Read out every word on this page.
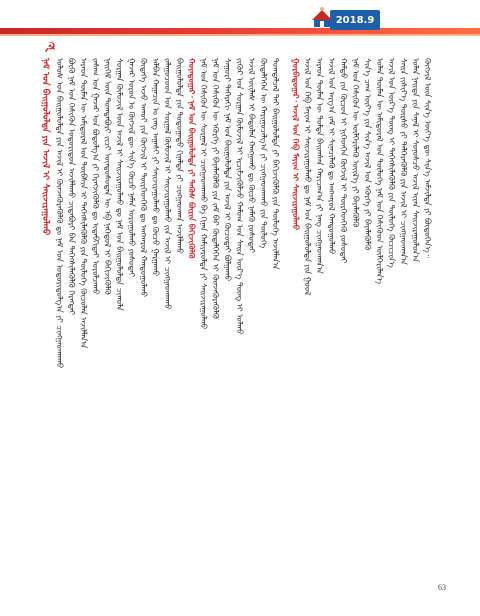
2018.9
☭
ᠨᠠᠮ ᠤᠨ ᠪᠠᠢᠭᠤᠯᠤᠯᠲᠠ ᠶᠢᠨ ᠠᠵᠢᠯ ᠢ ᠰᠠᠢᠵᠢᠷᠠᠭᠤᠯᠬᠤ ᠤᠯᠤᠰ ᠤᠨ ᠪᠠᠢᠭᠤᠯᠤᠯᠲᠠ ᠶᠢᠨ ᠠᠵᠢᠯ ᠢ ᠭᠦᠨᠵᠡᠭᠦᠷᠡᠭᠦᠯᠬᠦ ᠳᠤ ᠨᠠᠮ ᠤᠨ ᠤᠳᠤᠷᠢᠳᠤᠯᠭ᠎ᠠ ᠶᠢ ᠴᠢᠩᠭᠠᠳᠬᠠᠬᠤ ᠪᠦᠬᠦ ᠨᠠᠮ ᠤᠨ ᠭᠡᠰᠢᠭᠦᠨ ᠤᠳᠤᠷᠢᠳᠤᠨ ᠠᠵᠢᠯᠯᠠᠬᠤ ᠴᠢᠳᠠᠪᠤᠷᠢ ᠪᠡᠨ ᠳᠡᠭᠡᠭᠰᠢᠯᠡᠭᠦᠯᠬᠦ ᠬᠡᠷᠡᠭᠲᠡᠢ ᠠᠷᠠᠳ ᠲᠦᠮᠡᠨ ᠦ ᠠᠮᠢᠳᠤᠷᠠᠯ ᠤᠨ ᠲᠦᠪᠰᠢᠨ ᠢ ᠳᠡᠭᠡᠭᠰᠢᠯᠡᠭᠦᠯᠬᠦ ᠶᠢᠨ ᠲᠥᠯᠦᠭᠡ ᠬᠦᠴᠦᠯᠡᠨ ᠠᠵᠢᠯᠯᠠᠨ᠎ᠠ ᠵᠠᠰᠠᠭ ᠤᠨ ᠭᠠᠵᠠᠷ ᠤᠨ ᠪᠣᠳᠤᠯᠭ᠎ᠠ ᠶᠢ ᠬᠡᠷᠡᠭᠵᠢᠭᠦᠯᠬᠦ ᠳᠤ ᠢᠳᠡᠪᠬᠢᠲᠡᠢ ᠣᠷᠤᠯᠴᠠᠬᠤ ᠨᠡᠢᠭᠡᠮ ᠦᠨ ᠲᠣᠭᠲᠠᠪᠤᠷᠢ ᠵᠢᠴᠢ ᠦᠨᠳᠦᠰᠦᠲᠡᠨ ᠦ ᠡᠪ ᠨᠡᠭᠡᠳᠦᠯ ᠢ ᠪᠡᠬᠢᠵᠢᠭᠦᠯᠬᠦ ᠰᠤᠷᠭᠠᠨ ᠬᠦᠮᠦᠵᠢᠯ ᠦᠨ ᠠᠵᠢᠯ ᠢ ᠰᠠᠢᠵᠢᠷᠠᠭᠤᠯᠬᠤ ᠳᠤ ᠨᠠᠮ ᠤᠨ ᠪᠠᠢᠭᠤᠯᠤᠯᠲᠠ ᠴᠢᠬᠤᠯᠠ ᠭᠠᠵᠠᠷ ᠣᠷᠣᠨ ᠤ ᠬᠥᠭᠵᠢᠯ ᠳᠦ ᠰᠢᠨ᠎ᠡ ᠬᠦᠴᠦ ᠨᠡᠮᠡᠨ ᠣᠷᠣᠭᠤᠯᠬᠤ ᠶᠤᠰᠤᠲᠠᠢ ᠬᠥᠳᠡᠭᠡ ᠠᠵᠤ ᠠᠬᠤᠢ ᠶᠢᠨ ᠬᠥᠭᠵᠢᠯ ᠢ ᠲᠦᠷᠭᠡᠳᠬᠡᠬᠦ ᠳᠤ ᠠᠩᠬᠠᠷᠤᠯ ᠬᠠᠨᠳᠤᠭᠤᠯᠬᠤ ᠠᠯᠪᠠᠨ ᠬᠠᠭᠠᠴᠢᠨ ᠤ ᠵᠠᠩ ᠠᠭᠠᠰᠢ ᠶᠢ ᠰᠠᠢᠵᠢᠷᠠᠭᠤᠯᠬᠤ ᠳᠤ ᠬᠦᠴᠦ ᠭᠠᠷᠭᠠᠬᠤ ᠵᠠᠯᠠᠭᠤᠴᠤᠳ ᠤᠨ ᠰᠤᠷᠭᠠᠯ ᠬᠥᠮᠦᠵᠢᠯ ᠢ ᠰᠠᠢᠵᠢᠷᠠᠭᠤᠯᠬᠤ ᠶᠢᠨ ᠠᠵᠢᠯ ᠢ ᠴᠢᠩᠭᠠᠳᠬᠠᠬᠤ ᠪᠠᠢᠭᠤᠯᠤᠯᠲᠠ ᠶᠢᠨ ᠳᠣᠲᠣᠭᠠᠳᠤ ᠬᠢᠨᠠᠯᠲᠠ ᠶᠢ ᠴᠢᠩᠭᠠᠳᠬᠠᠨ ᠠᠵᠢᠯᠯᠠᠬᠤ ᠬᠤᠶᠠᠳᠤᠭᠠᠷ᠂ ᠨᠠᠮ ᠤᠨ ᠪᠠᠢᠭᠤᠯᠤᠯᠲᠠ ᠶᠢ ᠲᠡᠭᠦᠰ ᠪᠦᠷᠢᠨ ᠪᠡᠬᠢᠵᠢᠭᠦᠯᠬᠦ ᠨᠠᠮ ᠤᠨ ᠭᠡᠰᠢᠭᠦᠨ ᠦ ᠰᠤᠷᠭᠠᠯ ᠢ ᠴᠢᠩᠭᠠᠳᠬᠠᠬᠤ ᠪᠠ ᠬᠢᠨᠠᠨ ᠬᠠᠮᠢᠶᠠᠷᠤᠯᠲᠠ ᠶᠢ ᠰᠠᠢᠵᠢᠷᠠᠭᠤᠯᠬᠤ ᠨᠠᠮ ᠤᠨ ᠭᠡᠰᠢᠭᠦᠨ ᠦ ᠡᠭᠦᠷᠭᠡ ᠶᠢ ᠪᠡᠶᠡᠯᠡᠭᠦᠯᠬᠦ ᠶᠢᠨ ᠵᠠᠮ ᠪᠠᠷ ᠬᠥᠳᠡᠯᠭᠡᠭᠡᠨ ᠢ ᠭᠦᠨᠵᠡᠭᠦᠷᠡᠭᠦᠯᠬᠦ ᠰᠠᠭᠤᠷᠢ ᠳᠡᠭᠡᠷᠡᠬᠢ ᠨᠠᠮ ᠤᠨ ᠪᠠᠢᠭᠤᠯᠤᠯᠲᠠ ᠶᠢᠨ ᠠᠵᠢᠯ ᠢ ᠬᠦᠴᠦᠲᠡᠢ ᠪᠣᠯᠭᠠᠬᠤ ᠵᠢᠭᠦᠷ ᠤᠨ ᠰᠤᠷᠭᠠᠨ ᠬᠦᠮᠦᠵᠢᠯ ᠢ ᠡᠷᠴᠢᠮᠵᠢᠭᠦᠯᠵᠦ ᠬᠠᠮᠤᠭ ᠤᠨ ᠰᠠᠢᠨ ᠦᠷ᠎ᠡ ᠳᠦᠩ ᠢ ᠣᠯᠬᠤ ᠠᠵᠢᠯ ᠦᠢᠯᠡᠰ ᠢ ᠪᠠᠲᠤᠯᠠᠨ ᠬᠠᠩᠭᠠᠬᠤ ᠳᠤ ᠬᠦᠴᠦ ᠨᠡᠮᠡᠬᠦ ᠶᠤᠰᠤᠲᠠᠢ ᠬᠥᠳᠡᠯᠭᠡᠭᠡᠨ ᠦ ᠬᠠᠷᠢᠭᠤᠴᠠᠯᠭ᠎ᠠ ᠶᠢ ᠴᠢᠩᠭᠠᠳᠬᠠᠬᠤ ᠶᠢᠨ ᠲᠥᠯᠦᠭᠡ ᠲᠣᠭᠲᠠᠯᠴᠠᠯ ᠲᠠᠢ ᠪᠠᠢᠭᠤᠯᠤᠯᠲᠠ ᠶᠢ ᠪᠡᠬᠢᠵᠢᠭᠦᠯᠬᠦ ᠶᠢᠨ ᠲᠥᠯᠦᠭᠡ ᠠᠵᠢᠯᠯᠠᠨ᠎ᠠ ᠭᠤᠷᠪᠠᠳᠤᠭᠠᠷ᠂ ᠠᠵᠢᠯ ᠤᠨ ᠬᠡᠪ ᠮᠠᠶᠢᠭ ᠢ ᠰᠠᠢᠵᠢᠷᠠᠭᠤᠯᠬᠤ ᠠᠵᠢᠯ ᠤᠨ ᠬᠡᠪ ᠮᠠᠶᠢᠭ ᠢ ᠰᠠᠢᠵᠢᠷᠠᠭᠤᠯᠬᠤ ᠳᠤ ᠨᠠᠮ ᠤᠨ ᠪᠠᠢᠭᠤᠯᠤᠯᠲᠠ ᠶᠢᠨ ᠭᠣᠣᠯ ᠠᠷᠠᠳ ᠲᠦᠮᠡᠨ ᠦ ᠳᠤᠮᠳᠠ ᠪᠠᠢᠭᠰᠠᠨ ᠬᠠᠷᠢᠴᠠᠭ᠎ᠠ ᠶᠢ ᠨᠡᠩ ᠴᠢᠩᠭᠠᠳᠬᠠᠨ᠎ᠠ ᠠᠵᠢᠯ ᠤᠨ ᠠᠷᠭ᠎ᠠ ᠵᠠᠮ ᠢ ᠰᠢᠨᠡᠴᠢᠯᠡᠬᠦ ᠳᠤ ᠠᠩᠬᠠᠷᠤᠯ ᠬᠠᠨᠳᠤᠭᠤᠯᠬᠤ ᠬᠠᠮᠲᠤ ᠶᠢᠨ ᠬᠦᠴᠦᠨ ᠢ ᠨᠢᠭᠡᠳᠭᠡᠨ ᠬᠥᠭᠵᠢᠯ ᠢ ᠲᠦᠷᠭᠡᠳᠬᠡᠬᠦ ᠶᠤᠰᠤᠲᠠᠢ ᠨᠠᠮ ᠤᠨ ᠭᠡᠰᠢᠭᠦᠨ ᠦ ᠦᠯᠭᠡᠷᠢᠯᠡᠬᠦ ᠦᠢᠯ᠎ᠡ ᠶᠢ ᠪᠡᠶᠡᠯᠡᠭᠦᠯᠬᠦ ᠰᠢᠨ᠎ᠡ ᠴᠠᠭ ᠦᠶ᠎ᠡ ᠶᠢᠨ ᠰᠢᠨ᠎ᠡ ᠠᠵᠢᠯ ᠤᠨ ᠡᠭᠦᠷᠭᠡ ᠶᠢ ᠪᠡᠶᠡᠯᠡᠭᠦᠯᠬᠦ ᠣᠯᠠᠨ ᠲᠦᠮᠡᠨ ᠦ ᠠᠮᠢᠳᠤᠷᠠᠯ ᠤᠨ ᠲᠥᠯᠦᠭᠡ ᠨᠠᠮ ᠤᠨ ᠭᠡᠰᠢᠭᠦᠳ ᠦᠯᠭᠡᠷᠢᠯᠡᠨ᠎ᠡ ᠠᠵᠢᠯ ᠤᠨ ᠦᠷ᠎ᠡ ᠳᠦᠩ ᠢ ᠳᠡᠭᠡᠭᠰᠢᠯᠡᠭᠦᠯᠬᠦ ᠶᠢᠨ ᠲᠥᠯᠦᠭᠡ ᠬᠦᠴᠢᠴᠢᠨ᠎ᠡ ᠰᠠᠢᠨ ᠵᠢᠱᠢᠶ᠎ᠡ ᠳᠦᠷᠰᠦ ᠶᠢ ᠳᠡᠯᠭᠡᠷᠡᠭᠦᠯᠬᠦ ᠶᠢᠨ ᠠᠵᠢᠯ ᠢ ᠴᠢᠩᠭᠠᠳᠬᠠᠨ᠎ᠠ ᠣᠯᠠᠨ ᠨᠡᠢᠲᠡ ᠶᠢᠨ ᠰᠠᠨᠠᠯ ᠢ ᠰᠣᠨᠣᠰᠴᠤ ᠠᠵᠢᠯ ᠢᠶᠠᠨ ᠰᠠᠢᠵᠢᠷᠠᠭᠤᠯᠤᠨ᠎ᠠ ᠬᠥᠭᠵᠢᠯ ᠦᠨ ᠰᠢᠨ᠎ᠡ ᠦᠶ᠎ᠡ ᠳᠦ ᠰᠢᠨ᠎ᠡ ᠠᠮᠵᠢᠯᠲᠠ ᠶᠢ ᠪᠦᠲᠦᠭᠡᠨ᠎ᠡ᠃
63
